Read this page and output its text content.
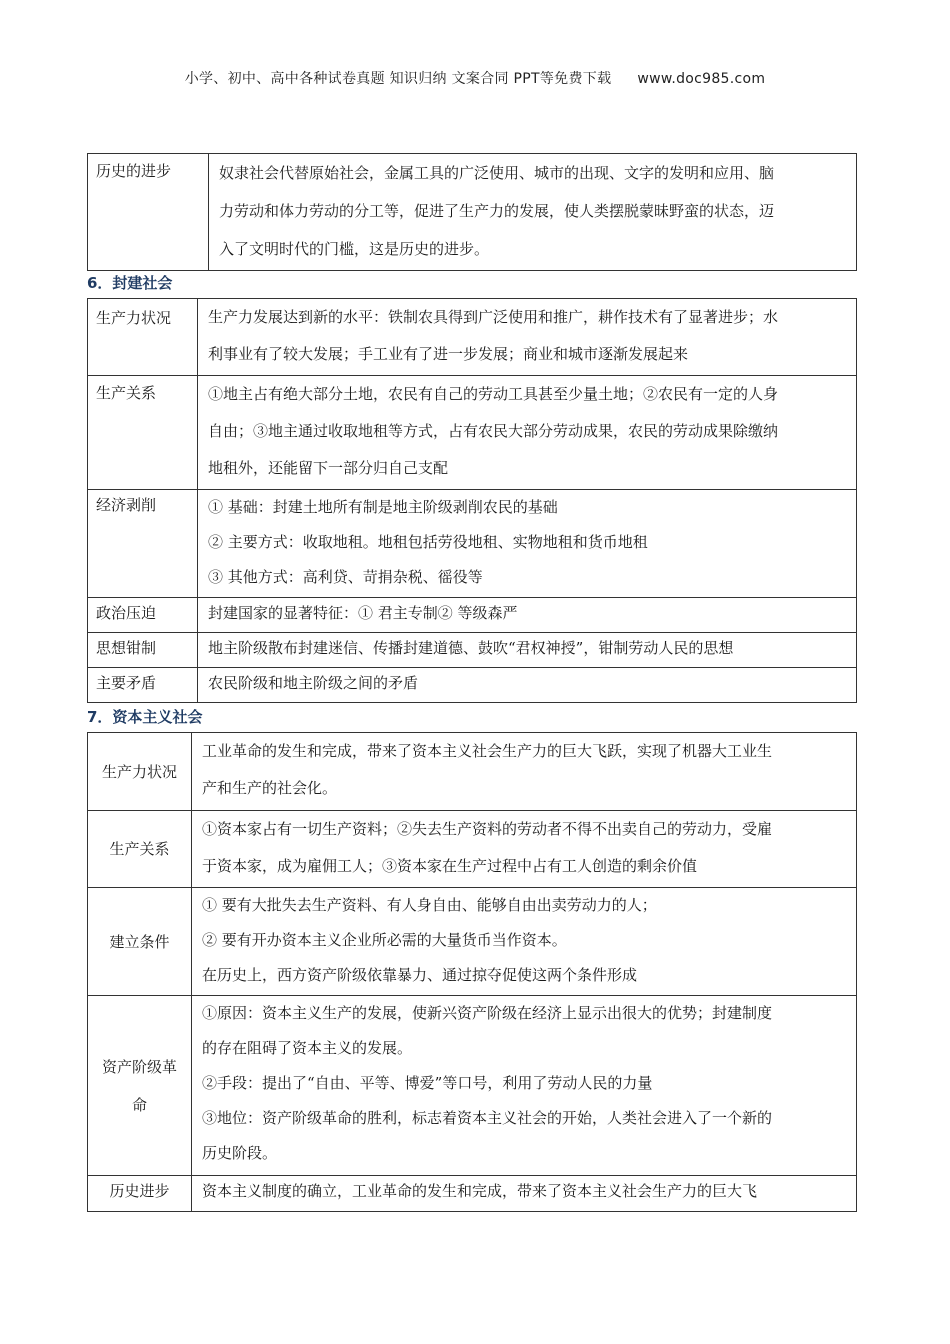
小学、初中、高中各种试卷真题 知识归纳 文案合同 PPT等免费下载 www.doc985.com
历史的进步	奴隶社会代替原始社会，金属工具的广泛使用、城市的出现、文字的发明和应用、脑
力劳动和体力劳动的分工等，促进了生产力的发展，使人类摆脱蒙昧野蛮的状态，迈
入了文明时代的门槛，这是历史的进步。
6．封建社会
生产力状况	生产力发展达到新的水平：铁制农具得到广泛使用和推广，耕作技术有了显著进步；水
利事业有了较大发展；手工业有了进一步发展；商业和城市逐渐发展起来

生产关系	①地主占有绝大部分土地，农民有自己的劳动工具甚至少量土地；②农民有一定的人身
自由；③地主通过收取地租等方式，占有农民大部分劳动成果，农民的劳动成果除缴纳
地租外，还能留下一部分归自己支配

经济剥削	① 基础：封建土地所有制是地主阶级剥削农民的基础
② 主要方式：收取地租。地租包括劳役地租、实物地租和货币地租
③ 其他方式：高利贷、苛捐杂税、徭役等

政治压迫	封建国家的显著特征：① 君主专制② 等级森严

思想钳制	地主阶级散布封建迷信、传播封建道德、鼓吹“君权神授”，钳制劳动人民的思想

主要矛盾	农民阶级和地主阶级之间的矛盾
7．资本主义社会
生产力状况	工业革命的发生和完成，带来了资本主义社会生产力的巨大飞跃，实现了机器大工业生
产和生产的社会化。

生产关系	①资本家占有一切生产资料；②失去生产资料的劳动者不得不出卖自己的劳动力，受雇
于资本家，成为雇佣工人；③资本家在生产过程中占有工人创造的剩余价值

建立条件	① 要有大批失去生产资料、有人身自由、能够自由出卖劳动力的人；
② 要有开办资本主义企业所必需的大量货币当作资本。
在历史上，西方资产阶级依靠暴力、通过掠夺促使这两个条件形成

资产阶级革
命	①原因：资本主义生产的发展，使新兴资产阶级在经济上显示出很大的优势；封建制度
的存在阻碍了资本主义的发展。
②手段：提出了“自由、平等、博爱”等口号，利用了劳动人民的力量
③地位：资产阶级革命的胜利，标志着资本主义社会的开始，人类社会进入了一个新的
历史阶段。

历史进步	资本主义制度的确立，工业革命的发生和完成，带来了资本主义社会生产力的巨大飞
